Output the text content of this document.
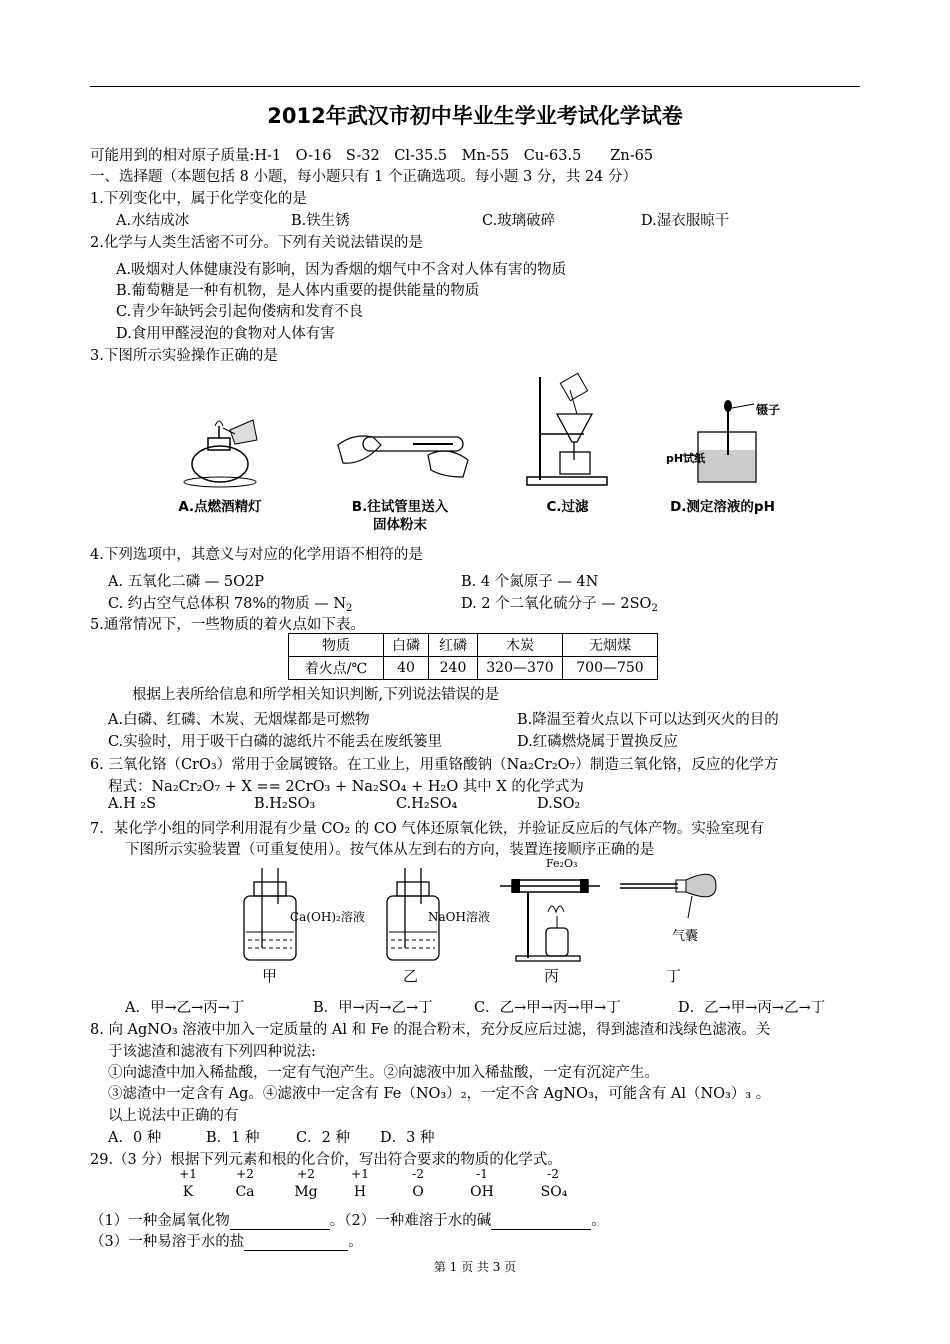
2012年武汉市初中毕业生学业考试化学试卷
可能用到的相对原子质量:H-1　O-16　S-32　Cl-35.5　Mn-55　Cu-63.5　　Zn-65
一、选择题（本题包括 8 小题，每小题只有 1 个正确选项。每小题 3 分，共 24 分）
1.下列变化中，属于化学变化的是
A.水结成冰	B.铁生锈	C.玻璃破碎	D.湿衣服晾干
2.化学与人类生活密不可分。下列有关说法错误的是
A.吸烟对人体健康没有影响，因为香烟的烟气中不含对人体有害的物质
B.葡萄糖是一种有机物，是人体内重要的提供能量的物质
C.青少年缺钙会引起佝偻病和发育不良
D.食用甲醛浸泡的食物对人体有害
3.下图所示实验操作正确的是
A.点燃酒精灯	B.往试管里送入
固体粉末
C.过滤
镊子
pH试纸
D.测定溶液的pH
4.下列选项中，其意义与对应的化学用语不相符的是
A. 五氧化二磷 — 5O2P	B. 4 个氮原子 — 4N
C. 约占空气总体积 78%的物质 — $N_2$	D. 2 个二氧化硫分子 — $2SO_2$
5.通常情况下，一些物质的着火点如下表。
物质	白磷	红磷	木炭	无烟煤
着火点/℃	40	240	320—370	700—750
根据上表所给信息和所学相关知识判断,下列说法错误的是
A.白磷、红磷、木炭、无烟煤都是可燃物	B.降温至着火点以下可以达到灭火的目的
C.实验时，用于吸干白磷的滤纸片不能丢在废纸篓里	D.红磷燃烧属于置换反应
6. 三氧化铬（CrO₃）常用于金属镀铬。在工业上，用重铬酸钠（Na₂Cr₂O₇）制造三氧化铬，反应的化学方
程式：Na₂Cr₂O₇ + X == 2CrO₃ + Na₂SO₄ + H₂O 其中 X 的化学式为
A.H ₂S	B.H₂SO₃	C.H₂SO₄	D.SO₂
7．某化学小组的同学利用混有少量 CO₂ 的 CO 气体还原氧化铁，并验证反应后的气体产物。实验室现有
下图所示实验装置（可重复使用）。按气体从左到右的方向，装置连接顺序正确的是
Ca(OH)₂溶液
甲
NaOH溶液
乙
Fe₂O₃
丙
气囊
丁
A．甲→乙→丙→丁	B．甲→丙→乙→丁	C．乙→甲→丙→甲→丁	D．乙→甲→丙→乙→丁
8. 向 AgNO₃ 溶液中加入一定质量的 Al 和 Fe 的混合粉末，充分反应后过滤，得到滤渣和浅绿色滤液。关
于该滤渣和滤液有下列四种说法:
①向滤渣中加入稀盐酸，一定有气泡产生。②向滤液中加入稀盐酸，一定有沉淀产生。
③滤渣中一定含有 Ag。④滤液中一定含有 Fe（NO₃）₂，一定不含 AgNO₃，可能含有 Al（NO₃）₃ 。
以上说法中正确的有
A．0 种	B．1 种	C．2 种 D．3 种
29.（3 分）根据下列元素和根的化合价，写出符合要求的物质的化学式。
+1	+2	+2	+1	-2	-1	-2
K	Ca	Mg	H	O	OH	SO₄
（1）一种金属氧化物	。（2）一种难溶于水的碱	。
（3）一种易溶于水的盐	。
第 1 页 共 3 页
